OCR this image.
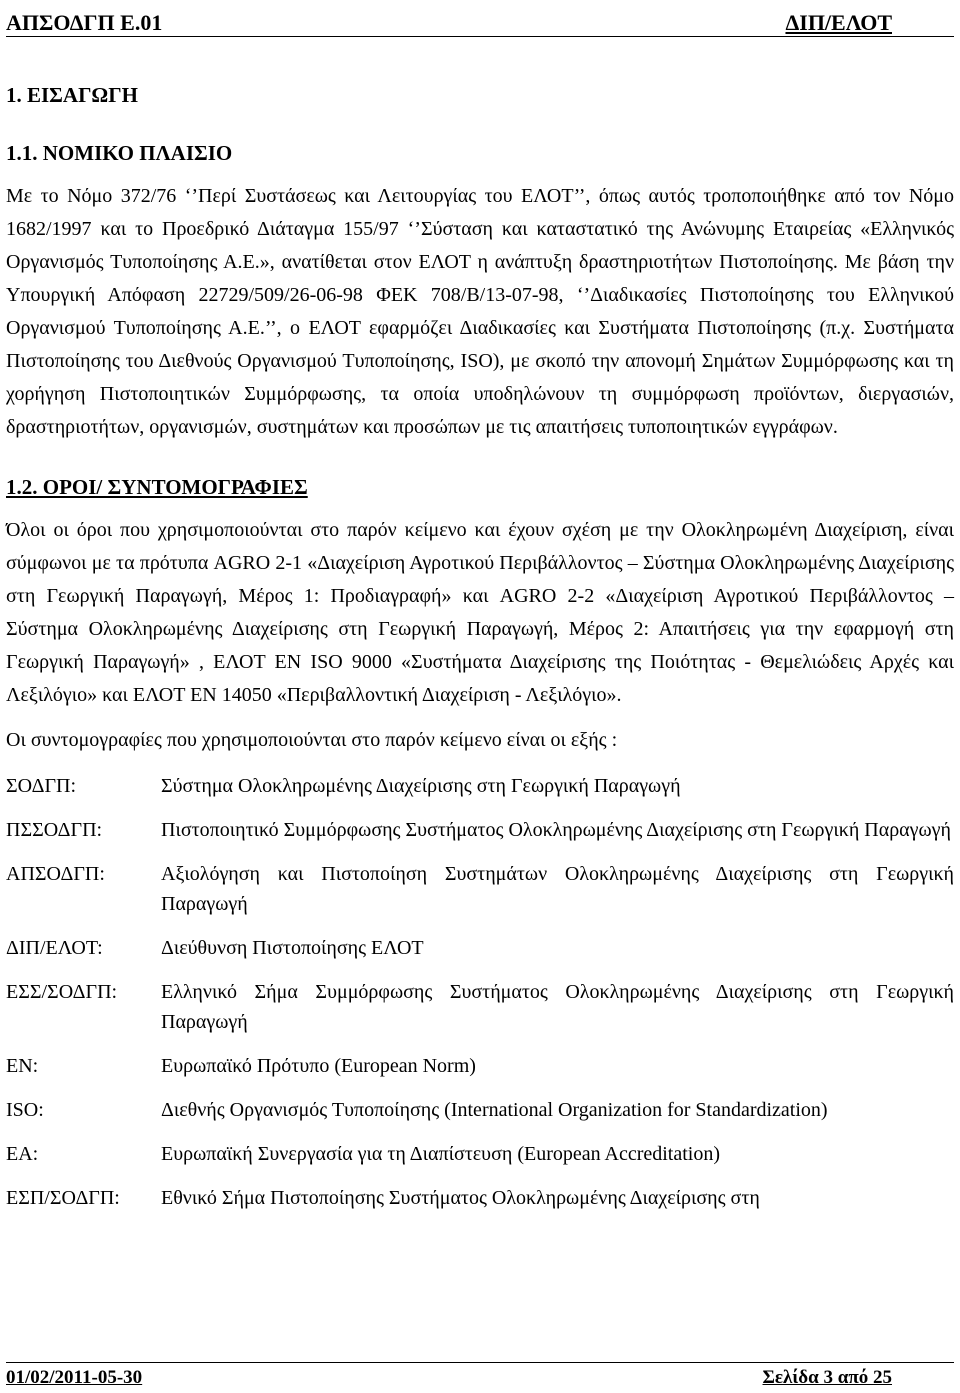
ΑΠΣΟΔΓΠ Ε.01	ΔΙΠ/ΕΛΟΤ
1. ΕΙΣΑΓΩΓΗ
1.1. ΝΟΜΙΚΟ ΠΛΑΙΣΙΟ

Με το Νόμο 372/76 ‘’Περί Συστάσεως και Λειτουργίας του ΕΛΟΤ’’, όπως αυτός τροποποιήθηκε από τον Νόμο 1682/1997 και το Προεδρικό Διάταγμα 155/97 ‘’Σύσταση και καταστατικό της Ανώνυμης Εταιρείας «Ελληνικός Οργανισμός Τυποποίησης Α.Ε.», ανατίθεται στον ΕΛΟΤ η ανάπτυξη δραστηριοτήτων Πιστοποίησης. Με βάση την Υπουργική Απόφαση 22729/509/26-06-98 ΦΕΚ 708/Β/13-07-98, ‘’Διαδικασίες Πιστοποίησης του Ελληνικού Οργανισμού Τυποποίησης Α.Ε.’’, ο ΕΛΟΤ εφαρμόζει Διαδικασίες και Συστήματα Πιστοποίησης (π.χ. Συστήματα Πιστοποίησης του Διεθνούς Οργανισμού Τυποποίησης, ISO), με σκοπό την απονομή Σημάτων Συμμόρφωσης και τη χορήγηση Πιστοποιητικών Συμμόρφωσης, τα οποία υποδηλώνουν τη συμμόρφωση προϊόντων, διεργασιών, δραστηριοτήτων, οργανισμών, συστημάτων και προσώπων με τις απαιτήσεις τυποποιητικών εγγράφων.

1.2. ΟΡΟΙ/ ΣΥΝΤΟΜΟΓΡΑΦΙΕΣ

Όλοι οι όροι που χρησιμοποιούνται στο παρόν κείμενο και έχουν σχέση με την Ολοκληρωμένη Διαχείριση, είναι σύμφωνοι με τα πρότυπα AGRO 2-1 «Διαχείριση Αγροτικού Περιβάλλοντος – Σύστημα Ολοκληρωμένης Διαχείρισης στη Γεωργική Παραγωγή, Μέρος 1: Προδιαγραφή» και AGRO 2-2 «Διαχείριση Αγροτικού Περιβάλλοντος – Σύστημα Ολοκληρωμένης Διαχείρισης στη Γεωργική Παραγωγή, Μέρος 2: Απαιτήσεις για την εφαρμογή στη Γεωργική Παραγωγή» , ΕΛΟΤ ΕΝ ISO 9000 «Συστήματα Διαχείρισης της Ποιότητας - Θεμελιώδεις Αρχές και Λεξιλόγιο» και ΕΛΟΤ ΕΝ 14050 «Περιβαλλοντική Διαχείριση - Λεξιλόγιο».

Οι συντομογραφίες που χρησιμοποιούνται στο παρόν κείμενο είναι οι εξής :

ΣΟΔΓΠ:	Σύστημα Ολοκληρωμένης Διαχείρισης στη Γεωργική Παραγωγή
ΠΣΣΟΔΓΠ:	Πιστοποιητικό Συμμόρφωσης Συστήματος Ολοκληρωμένης Διαχείρισης στη Γεωργική Παραγωγή
ΑΠΣΟΔΓΠ:	Αξιολόγηση και Πιστοποίηση Συστημάτων Ολοκληρωμένης Διαχείρισης στη Γεωργική Παραγωγή
ΔΙΠ/ΕΛΟΤ:	Διεύθυνση Πιστοποίησης ΕΛΟΤ
ΕΣΣ/ΣΟΔΓΠ:	Ελληνικό Σήμα Συμμόρφωσης Συστήματος Ολοκληρωμένης Διαχείρισης στη Γεωργική Παραγωγή
ΕΝ:	Ευρωπαϊκό Πρότυπο (European Norm)
ISO:	Διεθνής Οργανισμός Τυποποίησης (International Organization for Standardization)
ΕΑ:	Ευρωπαϊκή Συνεργασία για τη Διαπίστευση (European Accreditation)
ΕΣΠ/ΣΟΔΓΠ:	Εθνικό Σήμα Πιστοποίησης Συστήματος Ολοκληρωμένης Διαχείρισης στη
01/02/2011-05-30	Σελίδα 3 από 25
